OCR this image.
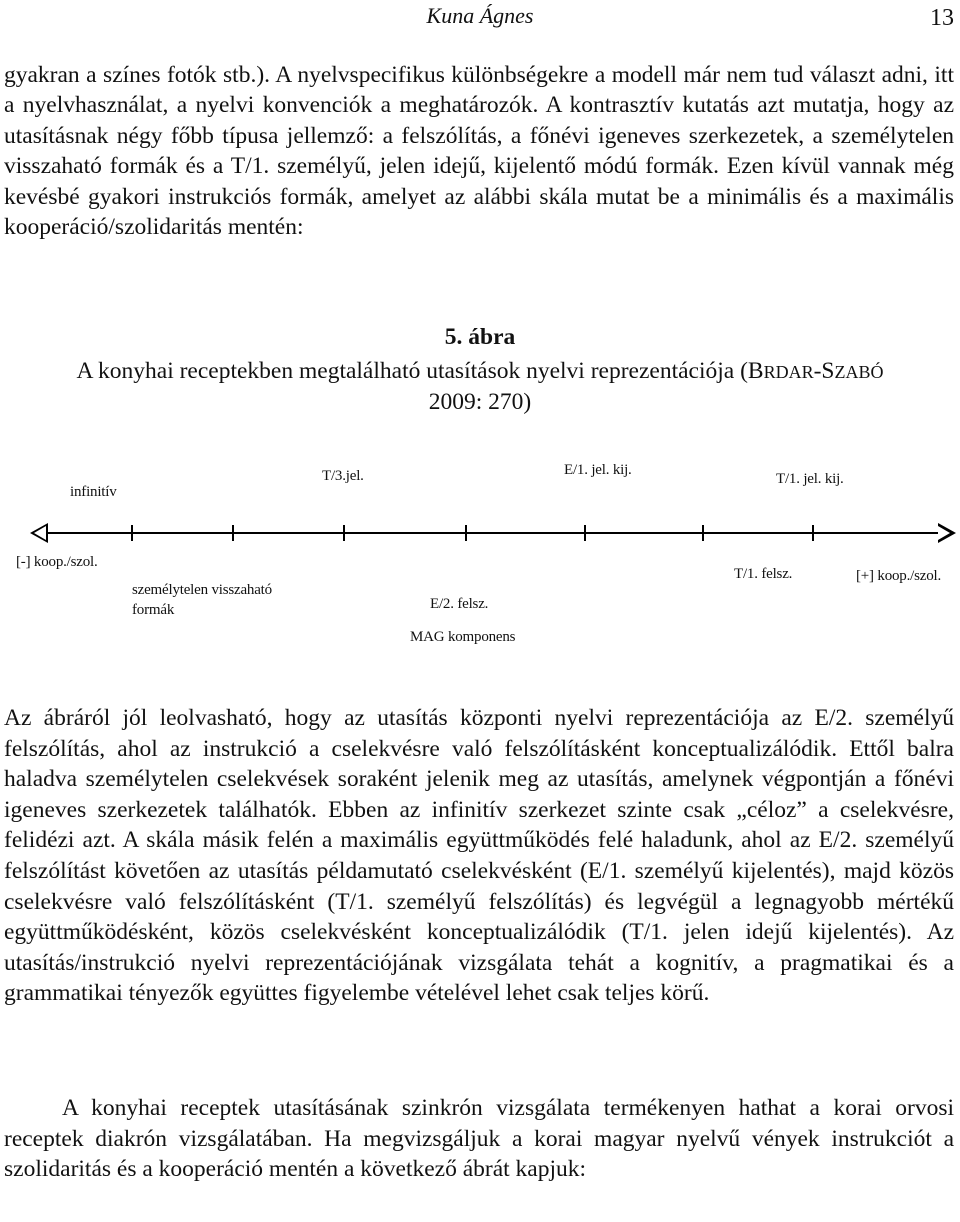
Kuna Ágnes	13

gyakran a színes fotók stb.). A nyelvspecifikus különbségekre a modell már nem tud választ adni, itt a nyelvhasználat, a nyelvi konvenciók a meghatározók. A kontrasztív kutatás azt mutatja, hogy az utasításnak négy főbb típusa jellemző: a felszólítás, a főnévi igeneves szerkezetek, a személytelen visszaható formák és a T/1. személyű, jelen idejű, kijelentő módú formák. Ezen kívül vannak még kevésbé gyakori instrukciós formák, amelyet az alábbi skála mutat be a minimális és a maximális kooperáció/szolidaritás mentén:

5. ábra
A konyhai receptekben megtalálható utasítások nyelvi reprezentációja (BRDAR-SZABÓ
2009: 270)
infinitív
T/3.jel.	E/1. jel. kij.
T/1. jel. kij.
[-] koop./szol.
személytelen visszaható
formák	E/2. felsz.
MAG komponens
T/1. felsz.	[+] koop./szol.

Az ábráról jól leolvasható, hogy az utasítás központi nyelvi reprezentációja az E/2. személyű felszólítás, ahol az instrukció a cselekvésre való felszólításként konceptualizálódik. Ettől balra haladva személytelen cselekvések soraként jelenik meg az utasítás, amelynek végpontján a főnévi igeneves szerkezetek találhatók. Ebben az infinitív szerkezet szinte csak „céloz” a cselekvésre, felidézi azt. A skála másik felén a maximális együttműködés felé haladunk, ahol az E/2. személyű felszólítást követően az utasítás példamutató cselekvésként (E/1. személyű kijelentés), majd közös cselekvésre való felszólításként (T/1. személyű felszólítás) és legvégül a legnagyobb mértékű együttműködésként, közös cselekvésként konceptualizálódik (T/1. jelen idejű kijelentés). Az utasítás/instrukció nyelvi reprezentációjának vizsgálata tehát a kognitív, a pragmatikai és a grammatikai tényezők együttes figyelembe vételével lehet csak teljes körű.

A konyhai receptek utasításának szinkrón vizsgálata termékenyen hathat a korai orvosi receptek diakrón vizsgálatában. Ha megvizsgáljuk a korai magyar nyelvű vények instrukciót a szolidaritás és a kooperáció mentén a következő ábrát kapjuk:
